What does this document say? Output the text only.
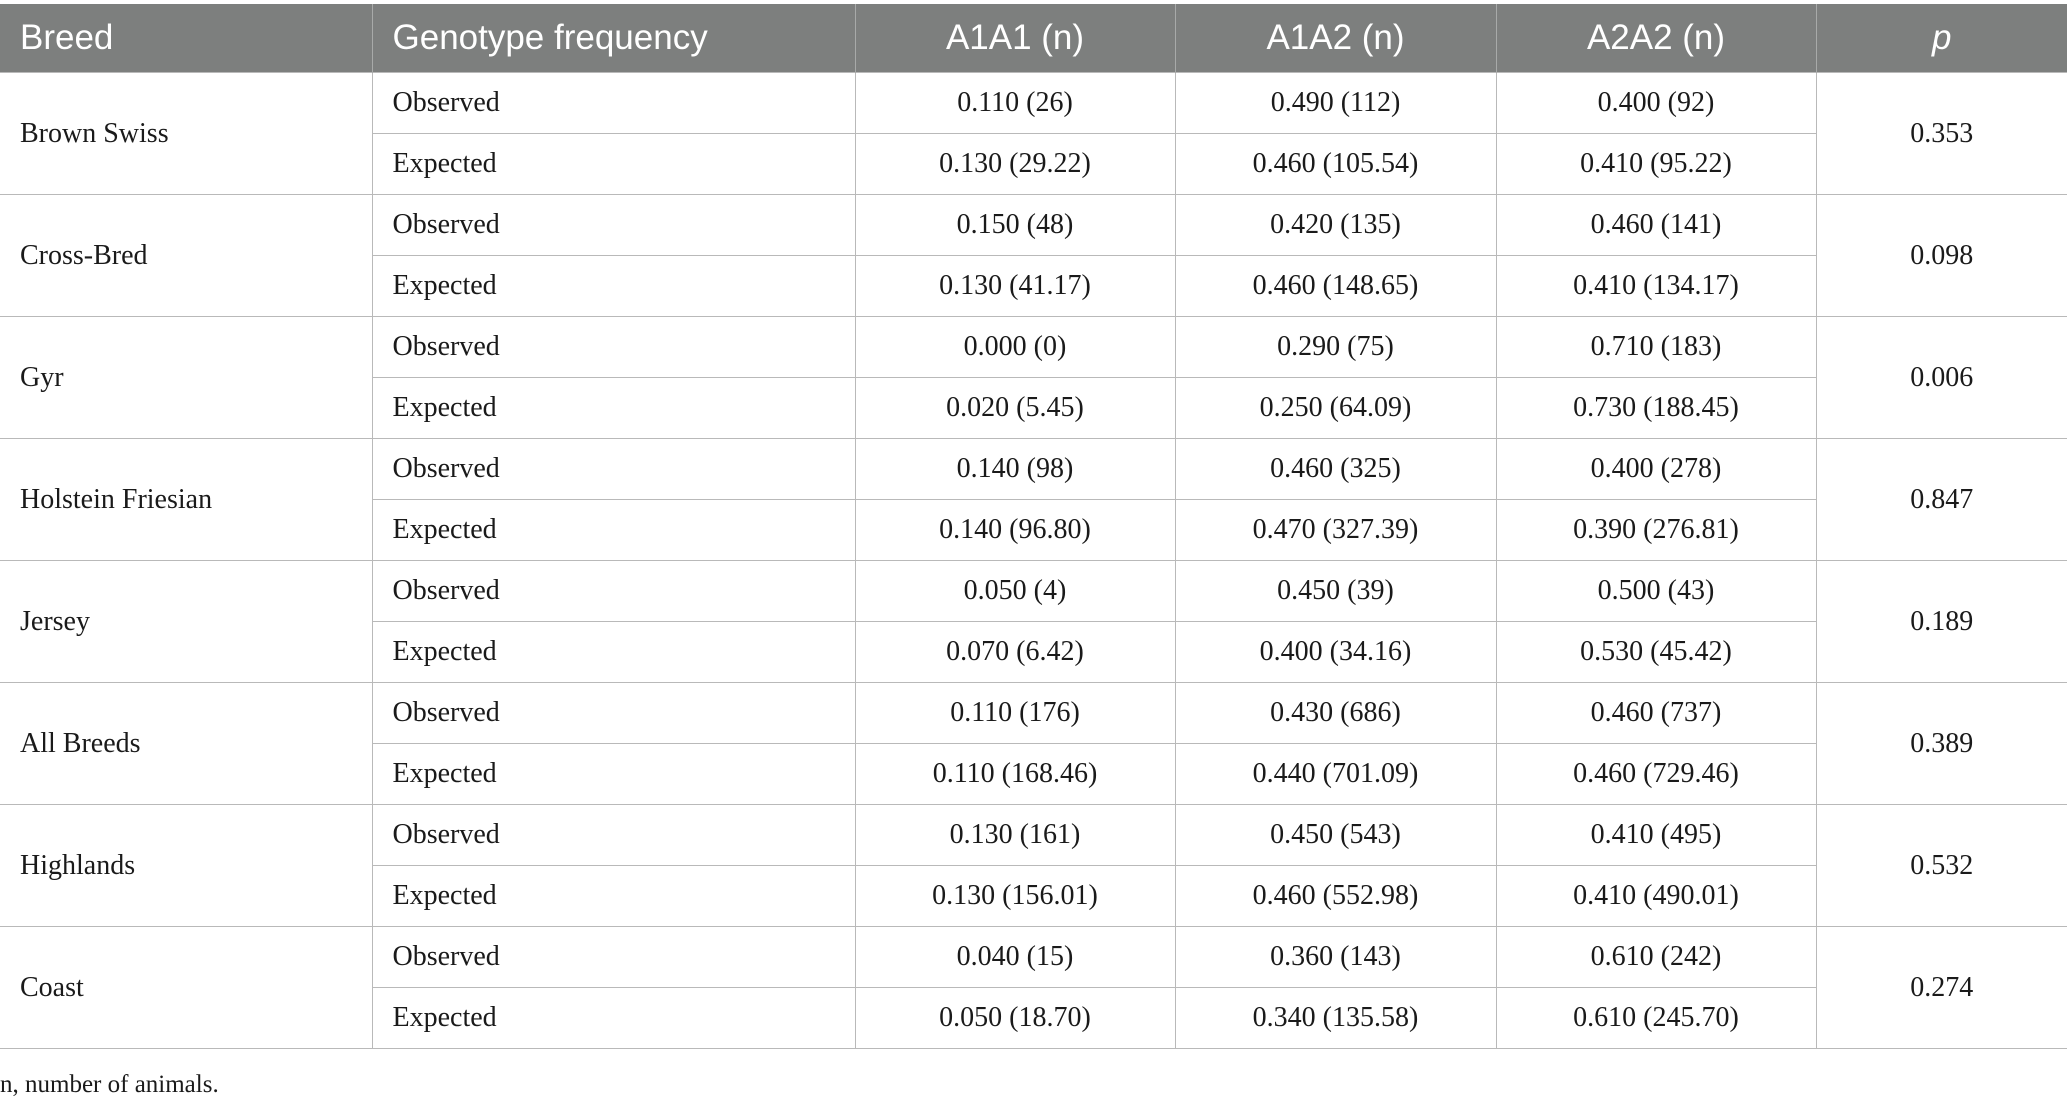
Breed	Genotype frequency	A1A1 (n)	A1A2 (n)	A2A2 (n)	p
Brown Swiss	Observed	0.110 (26)	0.490 (112)	0.400 (92)	0.353
	Expected	0.130 (29.22)	0.460 (105.54)	0.410 (95.22)	
Cross-Bred	Observed	0.150 (48)	0.420 (135)	0.460 (141)	0.098
	Expected	0.130 (41.17)	0.460 (148.65)	0.410 (134.17)	
Gyr	Observed	0.000 (0)	0.290 (75)	0.710 (183)	0.006
	Expected	0.020 (5.45)	0.250 (64.09)	0.730 (188.45)	
Holstein Friesian	Observed	0.140 (98)	0.460 (325)	0.400 (278)	0.847
	Expected	0.140 (96.80)	0.470 (327.39)	0.390 (276.81)	
Jersey	Observed	0.050 (4)	0.450 (39)	0.500 (43)	0.189
	Expected	0.070 (6.42)	0.400 (34.16)	0.530 (45.42)	
All Breeds	Observed	0.110 (176)	0.430 (686)	0.460 (737)	0.389
	Expected	0.110 (168.46)	0.440 (701.09)	0.460 (729.46)	
Highlands	Observed	0.130 (161)	0.450 (543)	0.410 (495)	0.532
	Expected	0.130 (156.01)	0.460 (552.98)	0.410 (490.01)	
Coast	Observed	0.040 (15)	0.360 (143)	0.610 (242)	0.274
	Expected	0.050 (18.70)	0.340 (135.58)	0.610 (245.70)	
n, number of animals.
